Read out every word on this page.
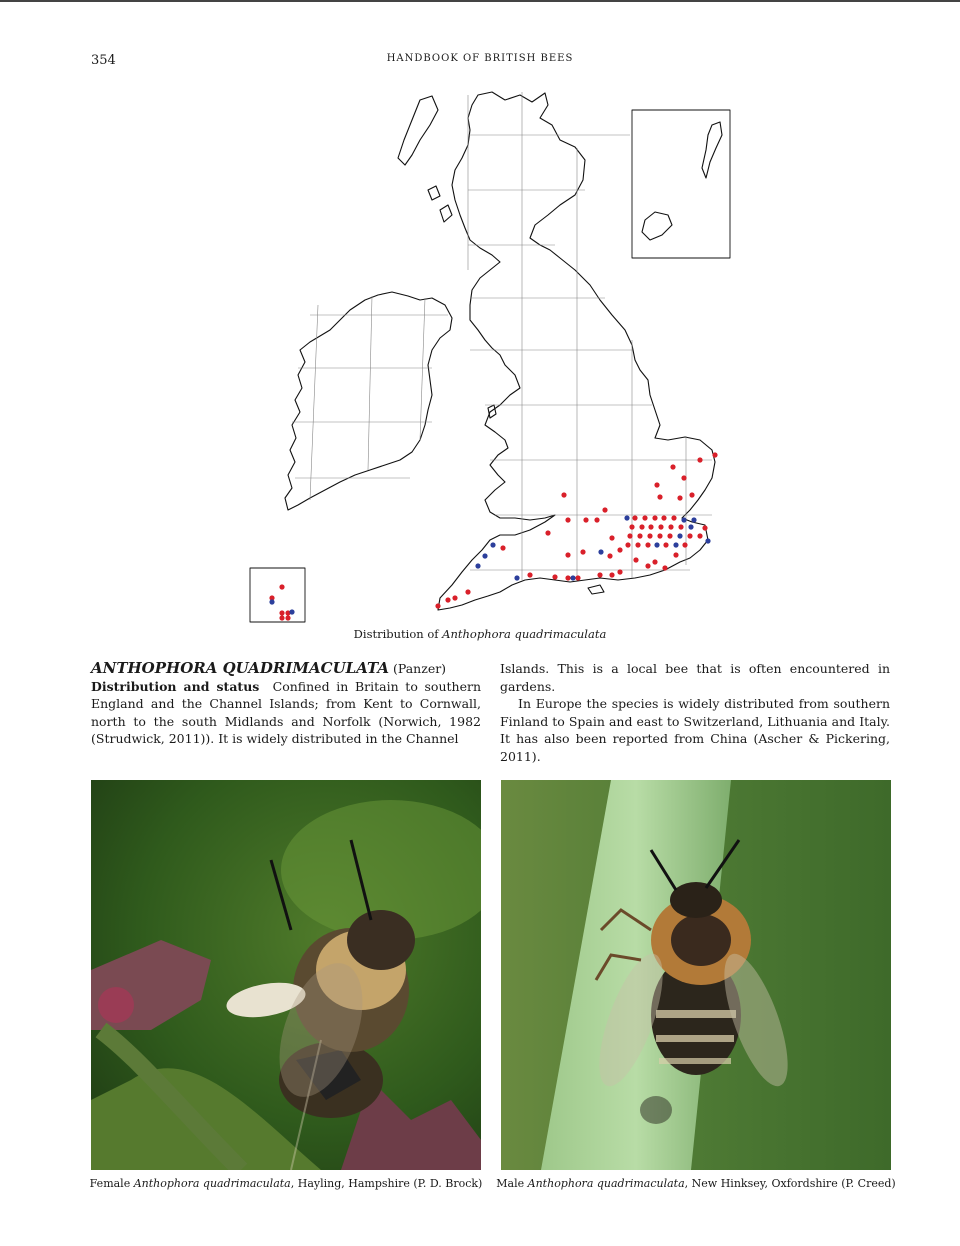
354	HANDBOOK OF BRITISH BEES
Distribution of Anthophora quadrimaculata
ANTHOPHORA QUADRIMACULATA (Panzer)

Distribution and status Confined in Britain to southern England and the Channel Islands; from Kent to Cornwall, north to the south Midlands and Norfolk (Norwich, 1982 (Strudwick, 2011)). It is widely distributed in the Channel

Islands. This is a local bee that is often encountered in gardens.

In Europe the species is widely distributed from southern Finland to Spain and east to Switzerland, Lithuania and Italy. It has also been reported from China (Ascher & Pickering, 2011).

Female Anthophora quadrimaculata, Hayling, Hampshire (P. D. Brock)	Male Anthophora quadrimaculata, New Hinksey, Oxfordshire (P. Creed)
